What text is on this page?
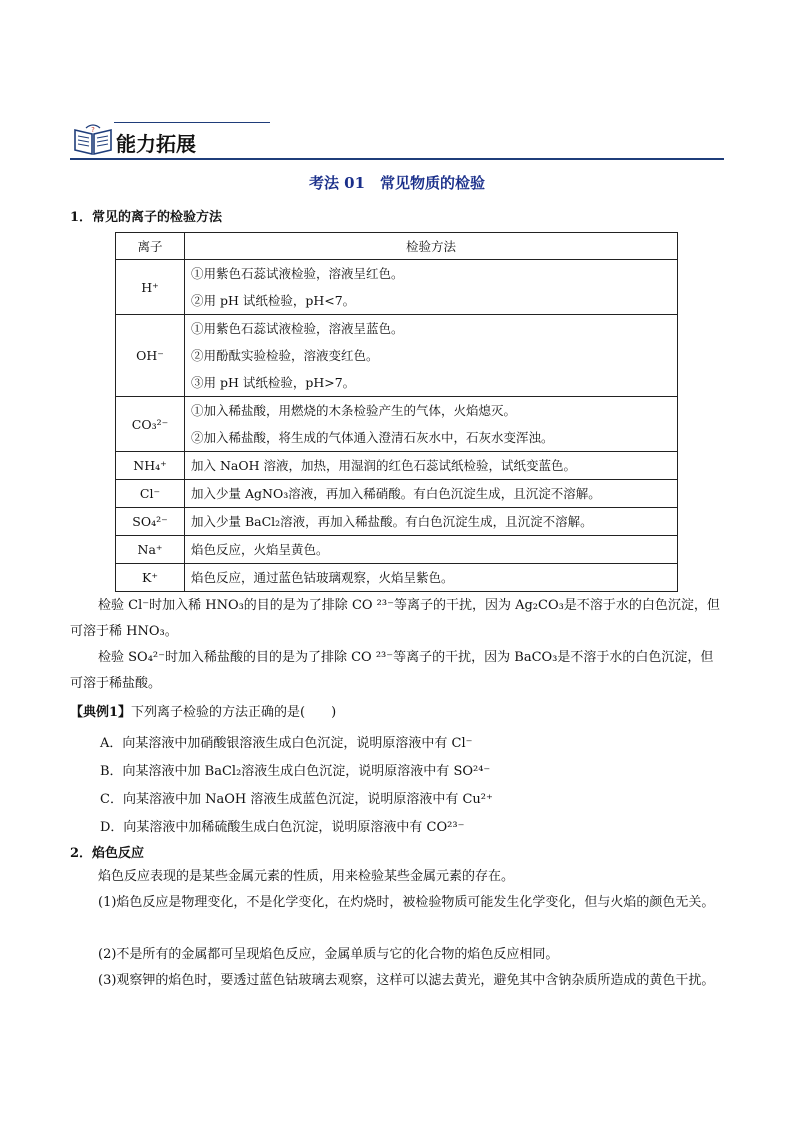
?
能力拓展
考法 01　常见物质的检验
1．常见的离子的检验方法
离子	检验方法
H⁺	①用紫色石蕊试液检验，溶液呈红色。
②用 pH 试纸检验，pH<7。

OH⁻	①用紫色石蕊试液检验，溶液呈蓝色。
②用酚酞实验检验，溶液变红色。
③用 pH 试纸检验，pH>7。

CO₃²⁻	①加入稀盐酸，用燃烧的木条检验产生的气体，火焰熄灭。
②加入稀盐酸，将生成的气体通入澄清石灰水中，石灰水变浑浊。

NH₄⁺	加入 NaOH 溶液，加热，用湿润的红色石蕊试纸检验，试纸变蓝色。
Cl⁻	加入少量 AgNO₃溶液，再加入稀硝酸。有白色沉淀生成，且沉淀不溶解。
SO₄²⁻	加入少量 BaCl₂溶液，再加入稀盐酸。有白色沉淀生成，且沉淀不溶解。
Na⁺	焰色反应，火焰呈黄色。
K⁺	焰色反应，通过蓝色钴玻璃观察，火焰呈紫色。
检验 Cl⁻时加入稀 HNO₃的目的是为了排除 CO ²³⁻等离子的干扰，因为 Ag₂CO₃是不溶于水的白色沉淀，但可溶于稀 HNO₃。
检验 SO₄²⁻时加入稀盐酸的目的是为了排除 CO ²³⁻等离子的干扰，因为 BaCO₃是不溶于水的白色沉淀，但可溶于稀盐酸。
【典例1】下列离子检验的方法正确的是(　　)
A．向某溶液中加硝酸银溶液生成白色沉淀，说明原溶液中有 Cl⁻
B．向某溶液中加 BaCl₂溶液生成白色沉淀，说明原溶液中有 SO²⁴⁻
C．向某溶液中加 NaOH 溶液生成蓝色沉淀，说明原溶液中有 Cu²⁺
D．向某溶液中加稀硫酸生成白色沉淀，说明原溶液中有 CO²³⁻
2．焰色反应
焰色反应表现的是某些金属元素的性质，用来检验某些金属元素的存在。
(1)焰色反应是物理变化，不是化学变化，在灼烧时，被检验物质可能发生化学变化，但与火焰的颜色无关。
(2)不是所有的金属都可呈现焰色反应，金属单质与它的化合物的焰色反应相同。
(3)观察钾的焰色时，要透过蓝色钴玻璃去观察，这样可以滤去黄光，避免其中含钠杂质所造成的黄色干扰。
